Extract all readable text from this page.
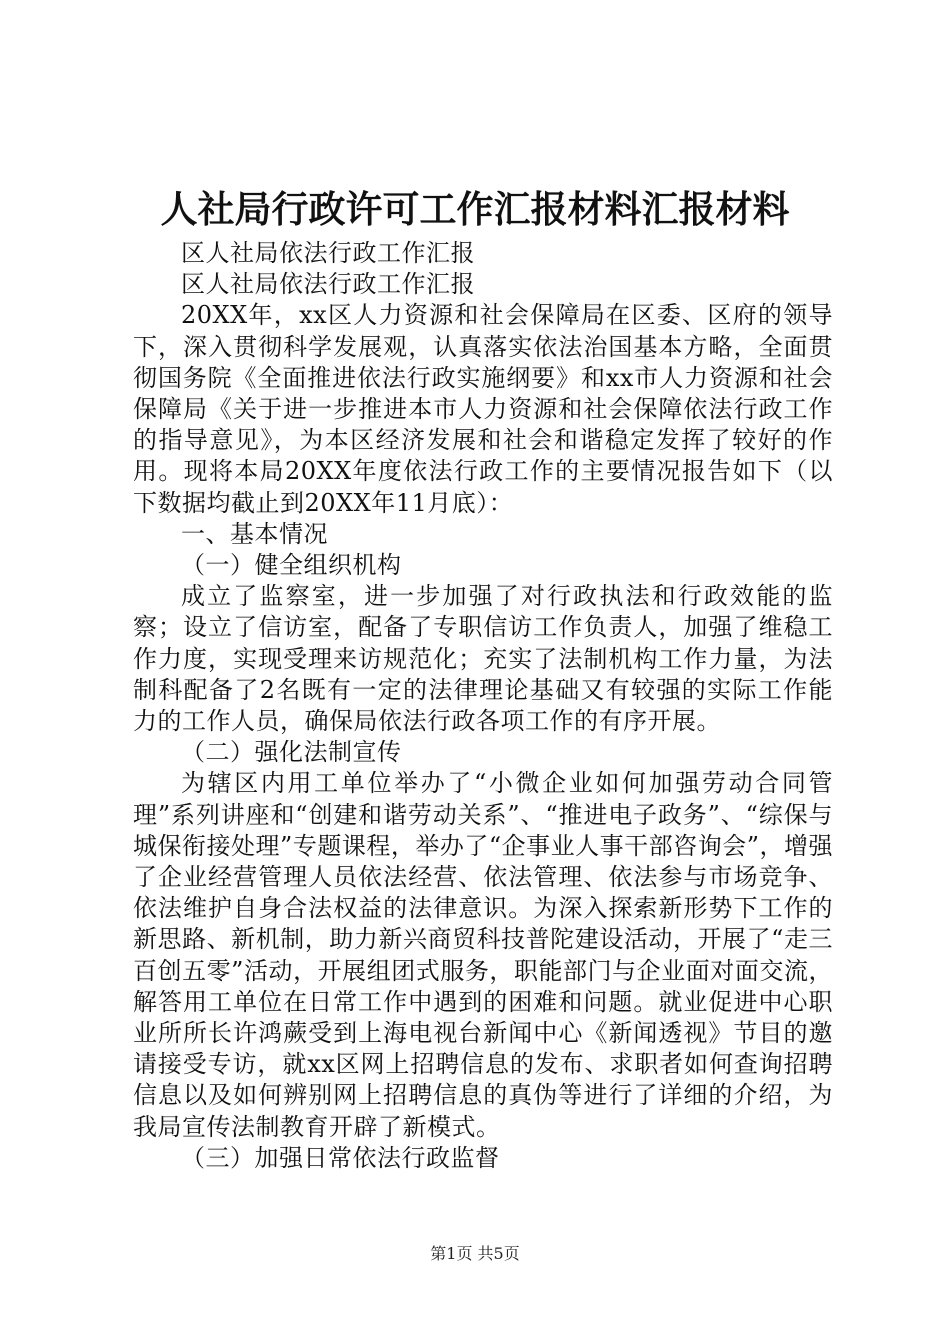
人社局行政许可工作汇报材料汇报材料

区人社局依法行政工作汇报

区人社局依法行政工作汇报

20XX年，xx区人力资源和社会保障局在区委、区府的领导下，深入贯彻科学发展观，认真落实依法治国基本方略，全面贯彻国务院《全面推进依法行政实施纲要》和xx市人力资源和社会保障局《关于进一步推进本市人力资源和社会保障依法行政工作的指导意见》，为本区经济发展和社会和谐稳定发挥了较好的作用。现将本局20XX年度依法行政工作的主要情况报告如下（以下数据均截止到20XX年11月底）：

一、基本情况

（一）健全组织机构

成立了监察室，进一步加强了对行政执法和行政效能的监察；设立了信访室，配备了专职信访工作负责人，加强了维稳工作力度，实现受理来访规范化；充实了法制机构工作力量，为法制科配备了2名既有一定的法律理论基础又有较强的实际工作能力的工作人员，确保局依法行政各项工作的有序开展。

（二）强化法制宣传

为辖区内用工单位举办了“小微企业如何加强劳动合同管理”系列讲座和“创建和谐劳动关系”、“推进电子政务”、“综保与城保衔接处理”专题课程，举办了“企事业人事干部咨询会”，增强了企业经营管理人员依法经营、依法管理、依法参与市场竞争、依法维护自身合法权益的法律意识。为深入探索新形势下工作的新思路、新机制，助力新兴商贸科技普陀建设活动，开展了“走三百创五零”活动，开展组团式服务，职能部门与企业面对面交流，解答用工单位在日常工作中遇到的困难和问题。就业促进中心职业所所长许鸿蕨受到上海电视台新闻中心《新闻透视》节目的邀请接受专访，就xx区网上招聘信息的发布、求职者如何查询招聘信息以及如何辨别网上招聘信息的真伪等进行了详细的介绍，为我局宣传法制教育开辟了新模式。

（三）加强日常依法行政监督

第1页 共5页
